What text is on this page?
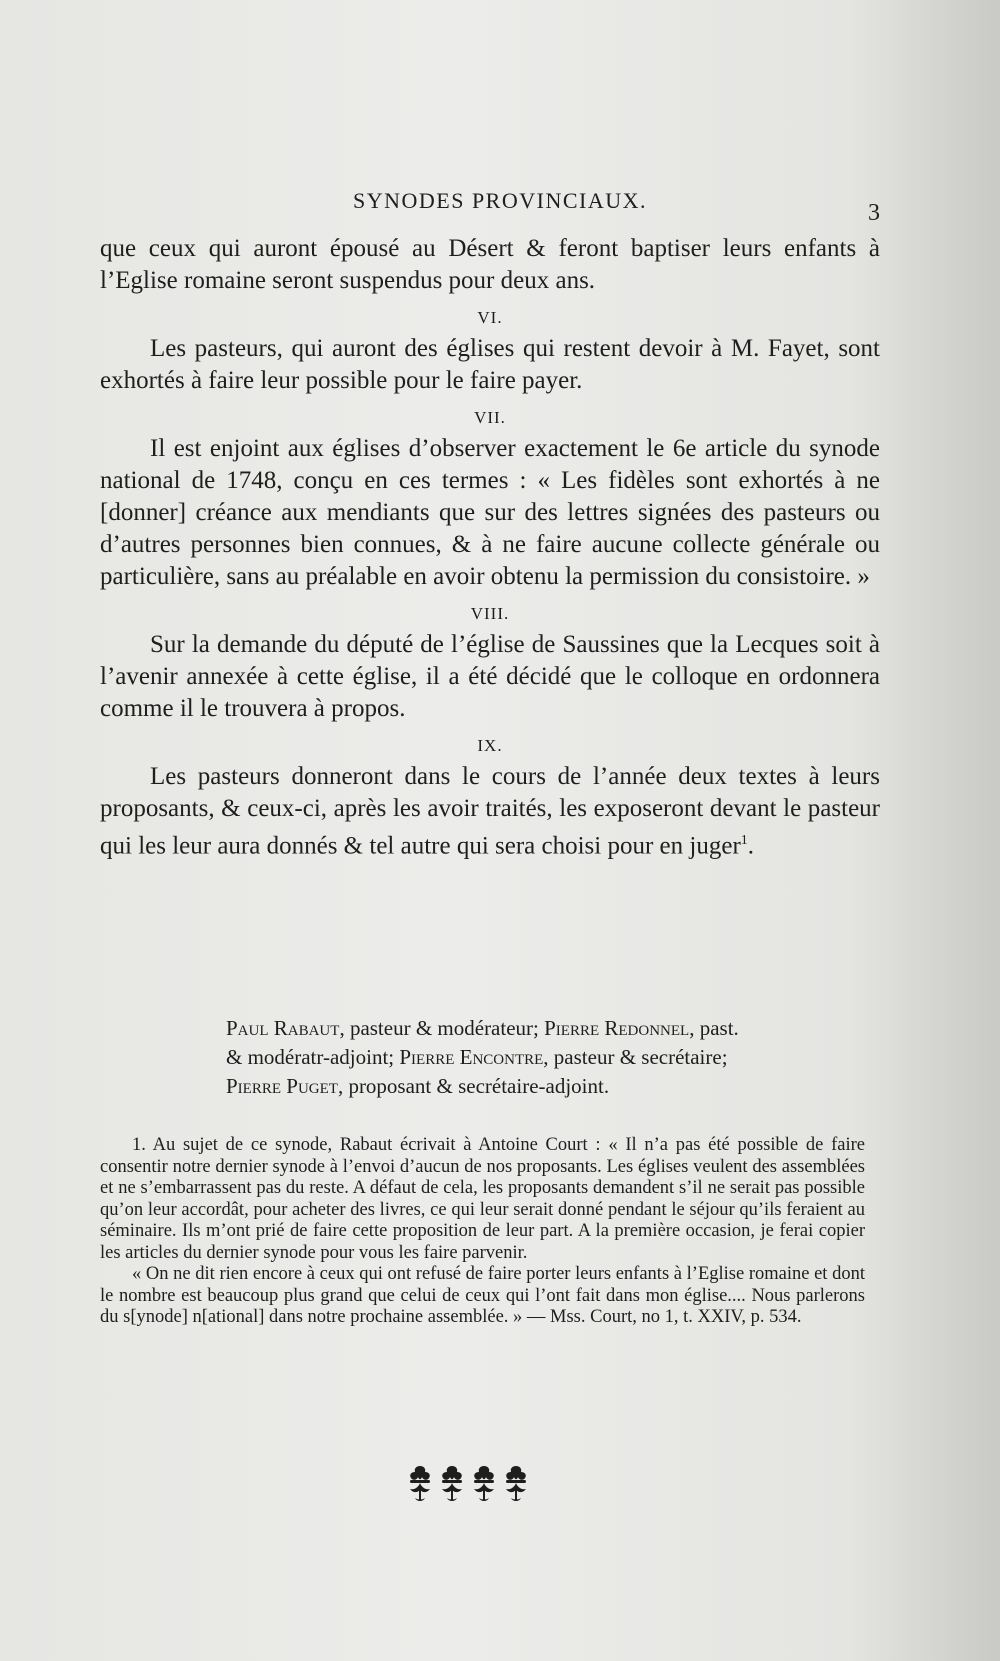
SYNODES PROVINCIAUX.	3

que ceux qui auront épousé au Désert & feront baptiser leurs enfants à l’Eglise romaine seront suspendus pour deux ans.

VI.

Les pasteurs, qui auront des églises qui restent devoir à M. Fayet, sont exhortés à faire leur possible pour le faire payer.

VII.

Il est enjoint aux églises d’observer exactement le 6e article du synode national de 1748, conçu en ces termes : « Les fidèles sont exhortés à ne [donner] créance aux mendiants que sur des lettres signées des pasteurs ou d’autres personnes bien connues, & à ne faire aucune collecte générale ou particulière, sans au préalable en avoir obtenu la permission du consistoire. »

VIII.

Sur la demande du député de l’église de Saussines que la Lecques soit à l’avenir annexée à cette église, il a été décidé que le colloque en ordonnera comme il le trouvera à propos.

IX.

Les pasteurs donneront dans le cours de l’année deux textes à leurs proposants, & ceux-ci, après les avoir traités, les exposeront devant le pasteur qui les leur aura donnés & tel autre qui sera choisi pour en juger$^1$.

Paul Rabaut, pasteur & modérateur; Pierre Redonnel, past.
& modératr-adjoint; Pierre Encontre, pasteur & secrétaire;
Pierre Puget, proposant & secrétaire-adjoint.

1. Au sujet de ce synode, Rabaut écrivait à Antoine Court : « Il n’a pas été possible de faire consentir notre dernier synode à l’envoi d’aucun de nos proposants. Les églises veulent des assemblées et ne s’embarrassent pas du reste. A défaut de cela, les proposants demandent s’il ne serait pas possible qu’on leur accordât, pour acheter des livres, ce qui leur serait donné pendant le séjour qu’ils feraient au séminaire. Ils m’ont prié de faire cette proposition de leur part. A la première occasion, je ferai copier les articles du dernier synode pour vous les faire parvenir.

« On ne dit rien encore à ceux qui ont refusé de faire porter leurs enfants à l’Eglise romaine et dont le nombre est beaucoup plus grand que celui de ceux qui l’ont fait dans mon église.... Nous parlerons du s[ynode] n[ational] dans notre prochaine assemblée. » — Mss. Court, no 1, t. XXIV, p. 534.
